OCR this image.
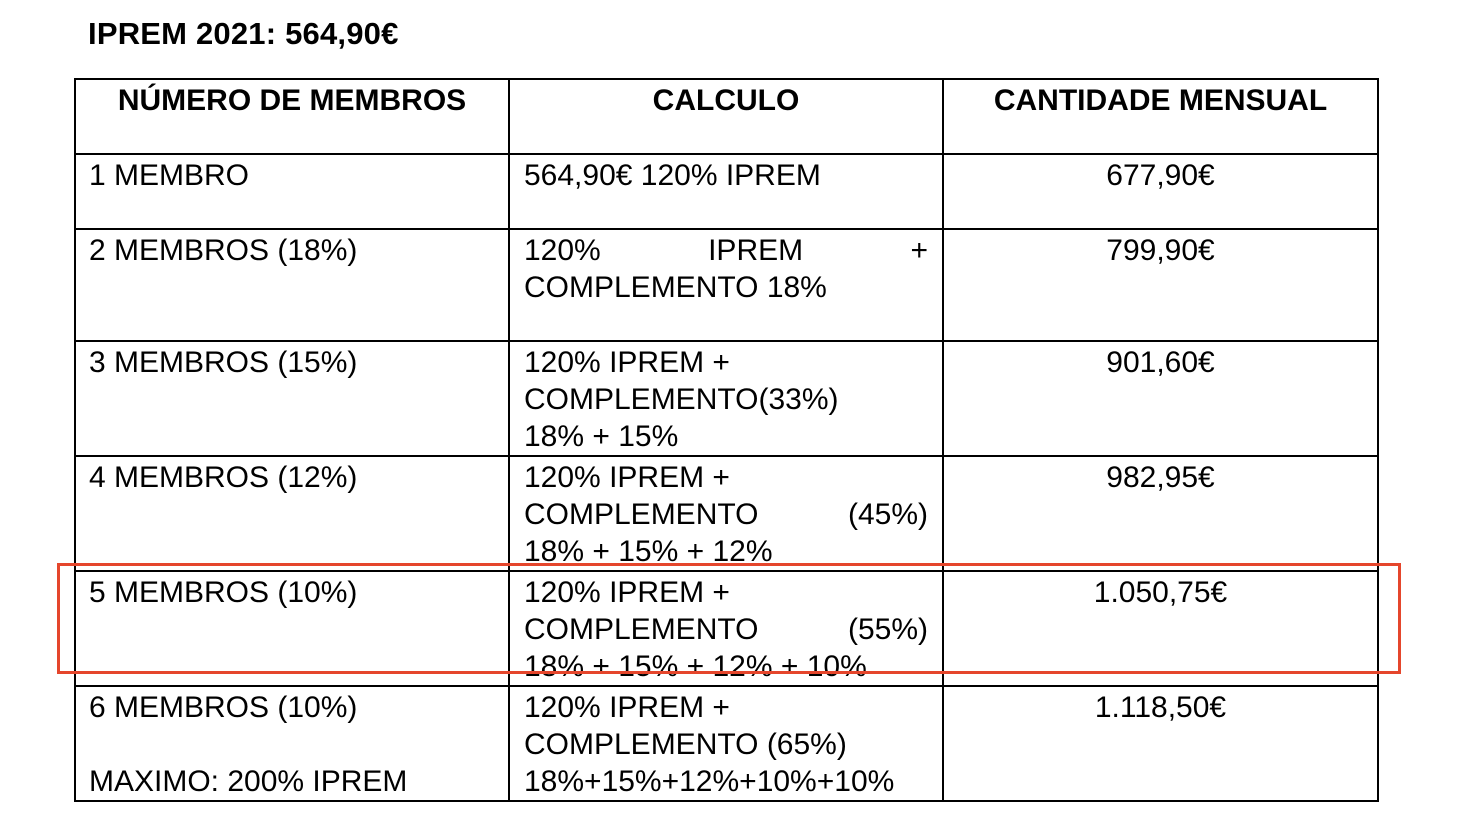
IPREM 2021: 564,90€
NÚMERO DE MEMBROS	CALCULO	CANTIDADE MENSUAL

1 MEMBRO	564,90€ 120% IPREM	677,90€

2 MEMBROS (18%)	120% IPREM +
COMPLEMENTO 18%	799,90€

3 MEMBROS (15%)	120% IPREM +
COMPLEMENTO(33%)
18% + 15%	901,60€

4 MEMBROS (12%)	120% IPREM +
COMPLEMENTO (45%)
18% + 15% + 12%	982,95€

5 MEMBROS (10%)	120% IPREM +
COMPLEMENTO (55%)
18% + 15% + 12% + 10%	1.050,75€

6 MEMBROS (10%)
MAXIMO: 200% IPREM	120% IPREM +
COMPLEMENTO (65%)
18%+15%+12%+10%+10%	1.118,50€
